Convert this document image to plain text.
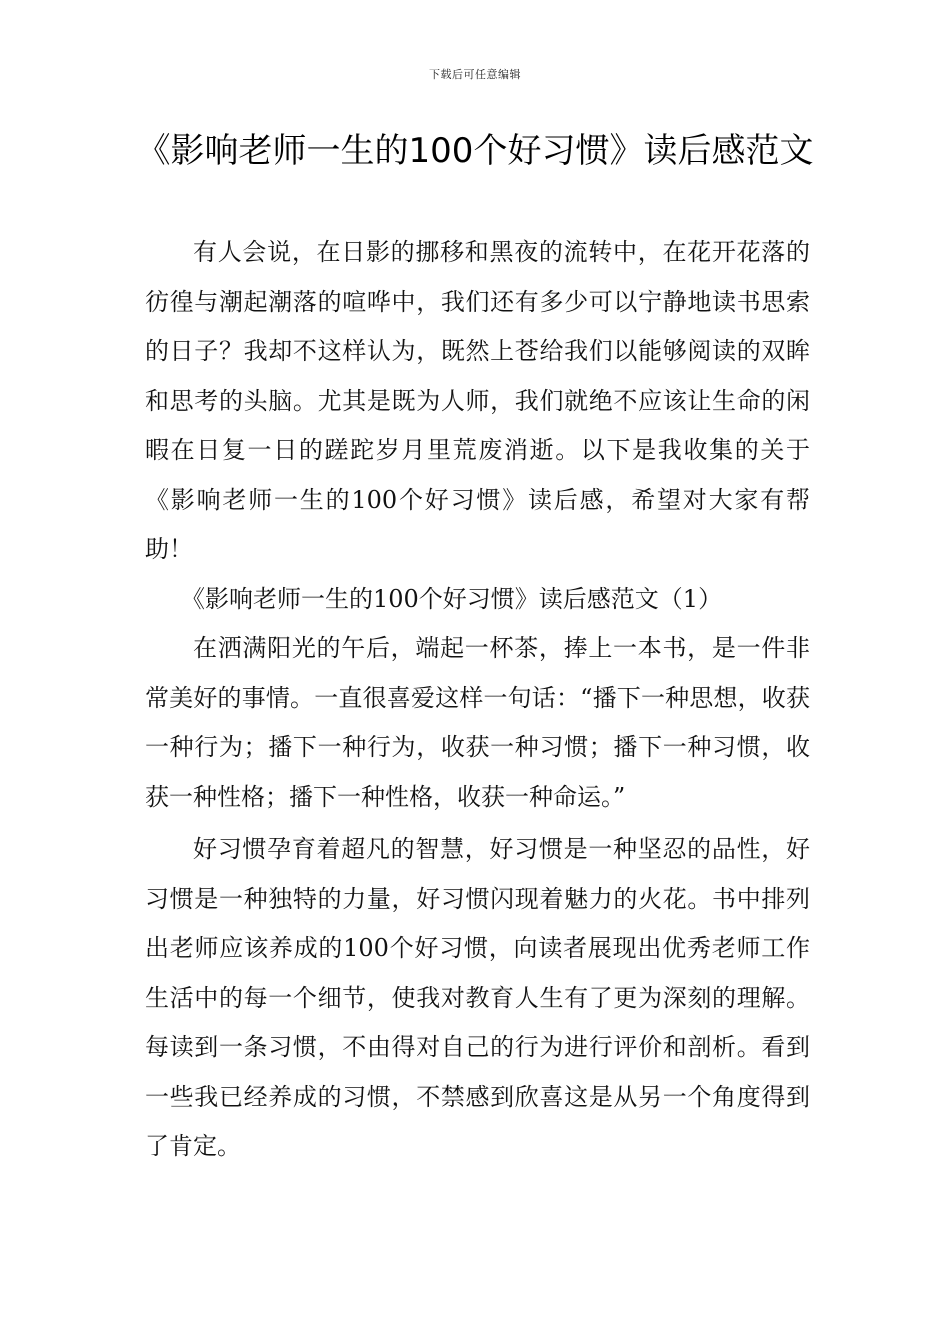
下载后可任意编辑
《影响老师一生的100个好习惯》读后感范文

有人会说，在日影的挪移和黑夜的流转中，在花开花落的彷徨与潮起潮落的喧哗中，我们还有多少可以宁静地读书思索的日子？我却不这样认为，既然上苍给我们以能够阅读的双眸和思考的头脑。尤其是既为人师，我们就绝不应该让生命的闲暇在日复一日的蹉跎岁月里荒废消逝。以下是我收集的关于《影响老师一生的100个好习惯》读后感，希望对大家有帮助！

《影响老师一生的100个好习惯》读后感范文（1）

在洒满阳光的午后，端起一杯茶，捧上一本书，是一件非常美好的事情。一直很喜爱这样一句话：“播下一种思想，收获一种行为；播下一种行为，收获一种习惯；播下一种习惯，收获一种性格；播下一种性格，收获一种命运。”

好习惯孕育着超凡的智慧，好习惯是一种坚忍的品性，好习惯是一种独特的力量，好习惯闪现着魅力的火花。书中排列出老师应该养成的100个好习惯，向读者展现出优秀老师工作生活中的每一个细节，使我对教育人生有了更为深刻的理解。每读到一条习惯，不由得对自己的行为进行评价和剖析。看到一些我已经养成的习惯，不禁感到欣喜这是从另一个角度得到了肯定。
